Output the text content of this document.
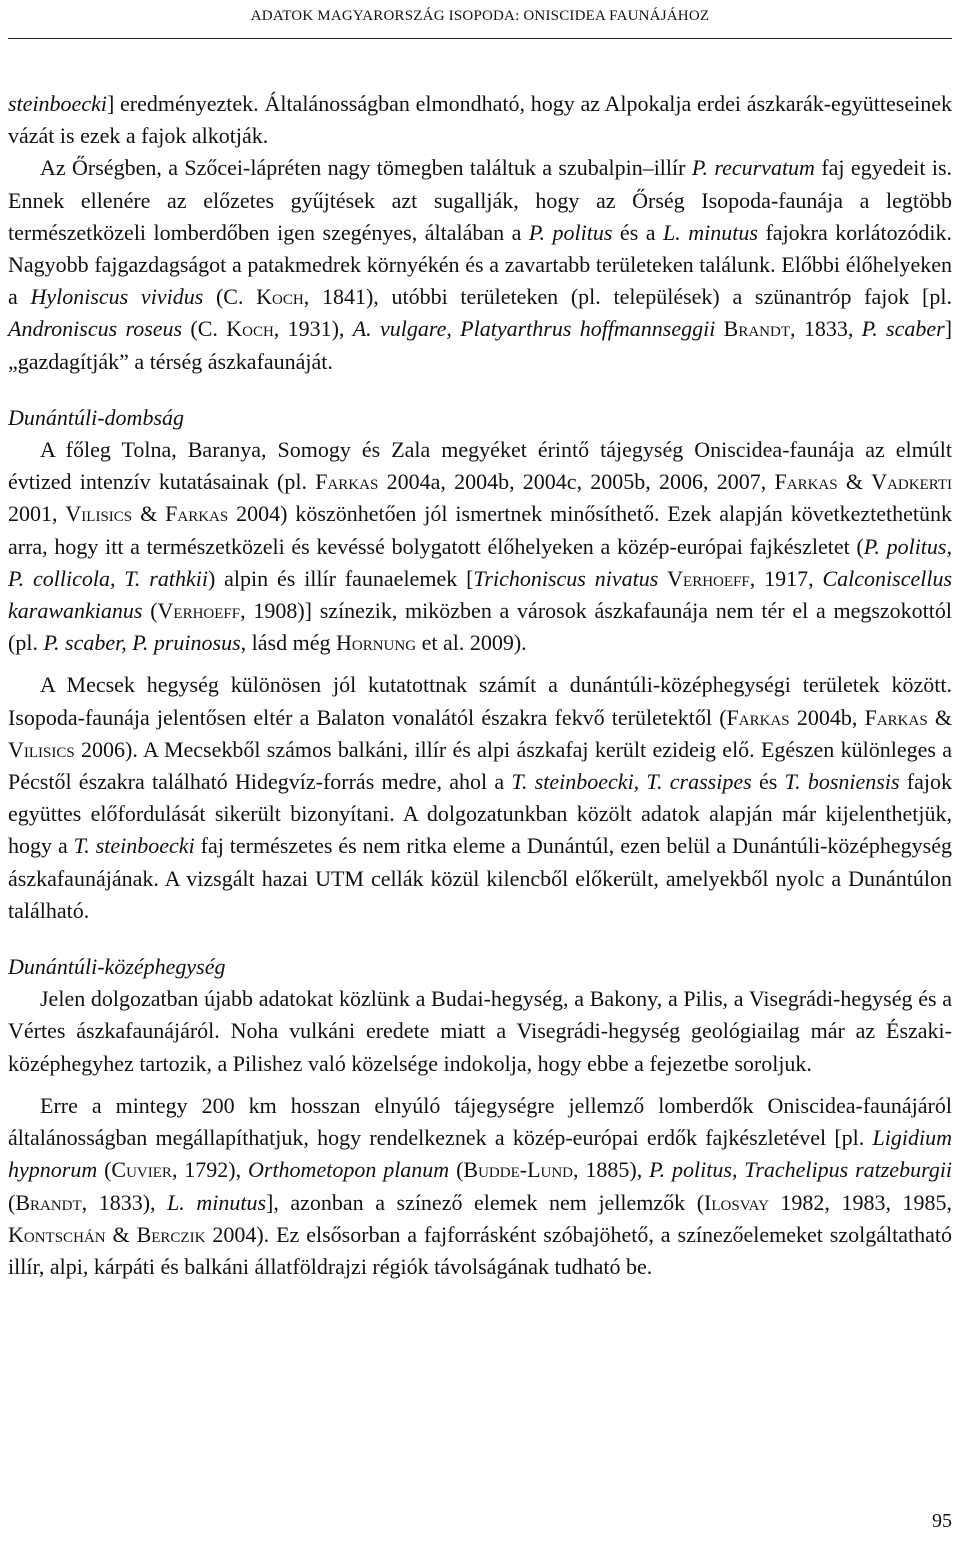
ADATOK MAGYARORSZÁG ISOPODA: ONISCIDEA FAUNÁJÁHOZ

steinboecki] eredményeztek. Általánosságban elmondható, hogy az Alpokalja erdei ászkarák-együtteseinek vázát is ezek a fajok alkotják.

Az Őrségben, a Szőcei-lápréten nagy tömegben találtuk a szubalpin–illír P. recurvatum faj egyedeit is. Ennek ellenére az előzetes gyűjtések azt sugallják, hogy az Őrség Isopoda-faunája a legtöbb természetközeli lomberdőben igen szegényes, általában a P. politus és a L. minutus fajokra korlátozódik. Nagyobb fajgazdagságot a patakmedrek környékén és a zavartabb területeken találunk. Előbbi élőhelyeken a Hyloniscus vividus (C. Koch, 1841), utóbbi területeken (pl. települések) a szünantróp fajok [pl. Androniscus roseus (C. Koch, 1931), A. vulgare, Platyarthrus hoffmannseggii Brandt, 1833, P. scaber] „gazdagítják” a térség ászkafaunáját.

Dunántúli-dombság

A főleg Tolna, Baranya, Somogy és Zala megyéket érintő tájegység Oniscidea-faunája az elmúlt évtized intenzív kutatásainak (pl. Farkas 2004a, 2004b, 2004c, 2005b, 2006, 2007, Farkas & Vadkerti 2001, Vilisics & Farkas 2004) köszönhetően jól ismertnek minősíthető. Ezek alapján következtethetünk arra, hogy itt a természetközeli és kevéssé bolygatott élőhelyeken a közép-európai fajkészletet (P. politus, P. collicola, T. rathkii) alpin és illír faunaelemek [Trichoniscus nivatus Verhoeff, 1917, Calconiscellus karawankianus (Verhoeff, 1908)] színezik, miközben a városok ászkafaunája nem tér el a megszokottól (pl. P. scaber, P. pruinosus, lásd még Hornung et al. 2009).

A Mecsek hegység különösen jól kutatottnak számít a dunántúli-középhegységi területek között. Isopoda-faunája jelentősen eltér a Balaton vonalától északra fekvő területektől (Farkas 2004b, Farkas & Vilisics 2006). A Mecsekből számos balkáni, illír és alpi ászkafaj került ezideig elő. Egészen különleges a Pécstől északra található Hidegvíz-forrás medre, ahol a T. steinboecki, T. crassipes és T. bosniensis fajok együttes előfordulását sikerült bizonyítani. A dolgozatunkban közölt adatok alapján már kijelenthetjük, hogy a T. steinboecki faj természetes és nem ritka eleme a Dunántúl, ezen belül a Dunántúli-középhegység ászkafaunájának. A vizsgált hazai UTM cellák közül kilencből előkerült, amelyekből nyolc a Dunántúlon található.

Dunántúli-középhegység

Jelen dolgozatban újabb adatokat közlünk a Budai-hegység, a Bakony, a Pilis, a Visegrádi-hegység és a Vértes ászkafaunájáról. Noha vulkáni eredete miatt a Visegrádi-hegység geológiailag már az Északi-középhegyhez tartozik, a Pilishez való közelsége indokolja, hogy ebbe a fejezetbe soroljuk.

Erre a mintegy 200 km hosszan elnyúló tájegységre jellemző lomberdők Oniscidea-faunájáról általánosságban megállapíthatjuk, hogy rendelkeznek a közép-európai erdők fajkészletével [pl. Ligidium hypnorum (Cuvier, 1792), Orthometopon planum (Budde-Lund, 1885), P. politus, Trachelipus ratzeburgii (Brandt, 1833), L. minutus], azonban a színező elemek nem jellemzők (Ilosvay 1982, 1983, 1985, Kontschán & Berczik 2004). Ez elsősorban a fajforrásként szóbajöhető, a színezőelemeket szolgáltatható illír, alpi, kárpáti és balkáni állatföldrajzi régiók távolságának tudható be.

95
